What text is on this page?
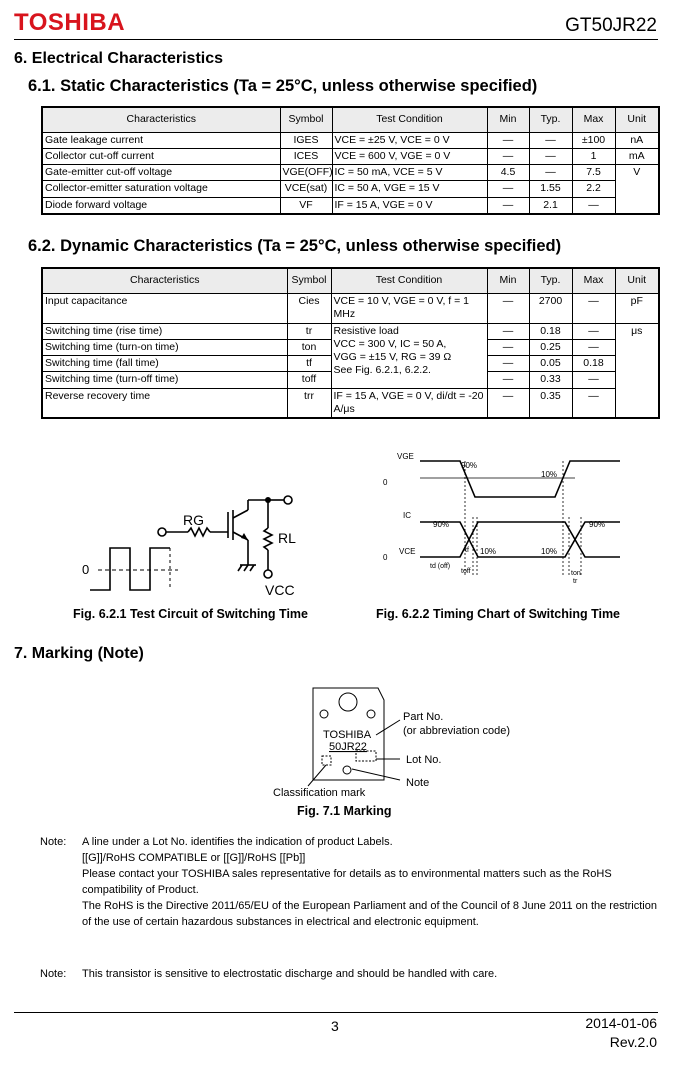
TOSHIBA	GT50JR22
6. Electrical Characteristics
6.1. Static Characteristics (Ta = 25°C, unless otherwise specified)
Characteristics	Symbol	Test Condition	Min	Typ.	Max	Unit
Gate leakage current	IGES	VCE = ±25 V, VCE = 0 V	—	—	±100	nA
Collector cut-off current	ICES	VCE = 600 V, VGE = 0 V	—	—	1	mA
Gate-emitter cut-off voltage	VGE(OFF)	IC = 50 mA, VCE = 5 V	4.5	—	7.5	V
Collector-emitter saturation voltage	VCE(sat)	IC = 50 A, VGE = 15 V	—	1.55	2.2	
Diode forward voltage	VF	IF = 15 A, VGE = 0 V	—	2.1	—	
6.2. Dynamic Characteristics (Ta = 25°C, unless otherwise specified)
Characteristics	Symbol	Test Condition	Min	Typ.	Max	Unit
Input capacitance	Cies	VCE = 10 V, VGE = 0 V, f = 1 MHz	—	2700	—	pF
Switching time (rise time)	tr	Resistive load
VCC = 300 V, IC = 50 A,
VGG = ±15 V, RG = 39 Ω
See Fig. 6.2.1, 6.2.2.	—	0.18	—	μs
Switching time (turn-on time)	ton		—	0.25	—	
Switching time (fall time)	tf		—	0.05	0.18	
Switching time (turn-off time)	toff		—	0.33	—	
Reverse recovery time	trr	IF = 15 A, VGE = 0 V, di/dt = -20 A/μs	—	0.35	—	
RG
RL
VCC
0
Fig. 6.2.1 Test Circuit of Switching Time
VGE
0
90%
10%
IC
90%	90%
VCE
0
10%	10%
td (off)
tf
toff
tr
ton
Fig. 6.2.2 Timing Chart of Switching Time
7. Marking (Note)
TOSHIBA
50JR22
Part No.
(or abbreviation code)
Lot No.
Note
Classification mark
Fig. 7.1 Marking
Note: A line under a Lot No. identifies the indication of product Labels.
[[G]]/RoHS COMPATIBLE or [[G]]/RoHS [[Pb]]
Please contact your TOSHIBA sales representative for details as to environmental matters such as the RoHS compatibility of Product.
The RoHS is the Directive 2011/65/EU of the European Parliament and of the Council of 8 June 2011 on the restriction of the use of certain hazardous substances in electrical and electronic equipment.
Note: This transistor is sensitive to electrostatic discharge and should be handled with care.
3	2014-01-06
Rev.2.0
